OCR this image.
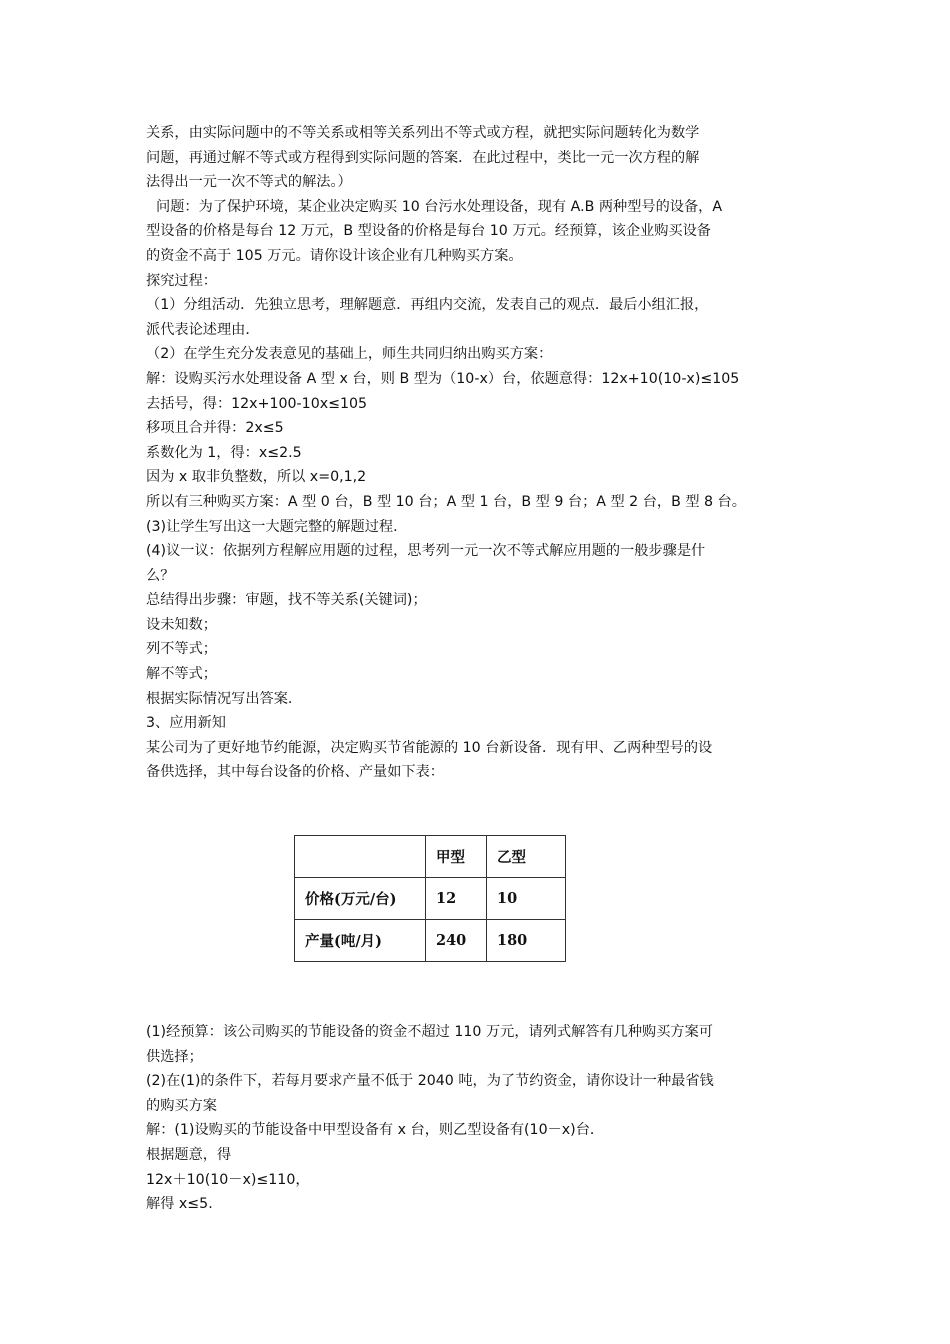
关系，由实际问题中的不等关系或相等关系列出不等式或方程，就把实际问题转化为数学

问题，再通过解不等式或方程得到实际问题的答案．在此过程中，类比一元一次方程的解

法得出一元一次不等式的解法。）

问题：为了保护环境，某企业决定购买 10 台污水处理设备，现有 A.B 两种型号的设备，A

型设备的价格是每台 12 万元，B 型设备的价格是每台 10 万元。经预算，该企业购买设备

的资金不高于 105 万元。请你设计该企业有几种购买方案。

探究过程：

（1）分组活动．先独立思考，理解题意．再组内交流，发表自己的观点．最后小组汇报，

派代表论述理由．

（2）在学生充分发表意见的基础上，师生共同归纳出购买方案：

解：设购买污水处理设备 A 型 x 台，则 B 型为（10-x）台，依题意得：12x+10(10-x)≤105

去括号，得：12x+100-10x≤105

移项且合并得：2x≤5

系数化为 1，得：x≤2.5

因为 x 取非负整数，所以 x=0,1,2

所以有三种购买方案：A 型 0 台，B 型 10 台；A 型 1 台，B 型 9 台；A 型 2 台，B 型 8 台。

(3)让学生写出这一大题完整的解题过程.

(4)议一议：依据列方程解应用题的过程，思考列一元一次不等式解应用题的一般步骤是什

么？

总结得出步骤：审题，找不等关系(关键词)；

设未知数；

列不等式；

解不等式；

根据实际情况写出答案.

3、应用新知

某公司为了更好地节约能源，决定购买节省能源的 10 台新设备．现有甲、乙两种型号的设

备供选择，其中每台设备的价格、产量如下表：

	甲型	乙型
价格(万元/台)	12	10
产量(吨/月)	240	180

(1)经预算：该公司购买的节能设备的资金不超过 110 万元，请列式解答有几种购买方案可

供选择；

(2)在(1)的条件下，若每月要求产量不低于 2040 吨，为了节约资金，请你设计一种最省钱

的购买方案

解：(1)设购买的节能设备中甲型设备有 x 台，则乙型设备有(10－x)台．

根据题意，得

12x＋10(10－x)≤110，

解得 x≤5.
